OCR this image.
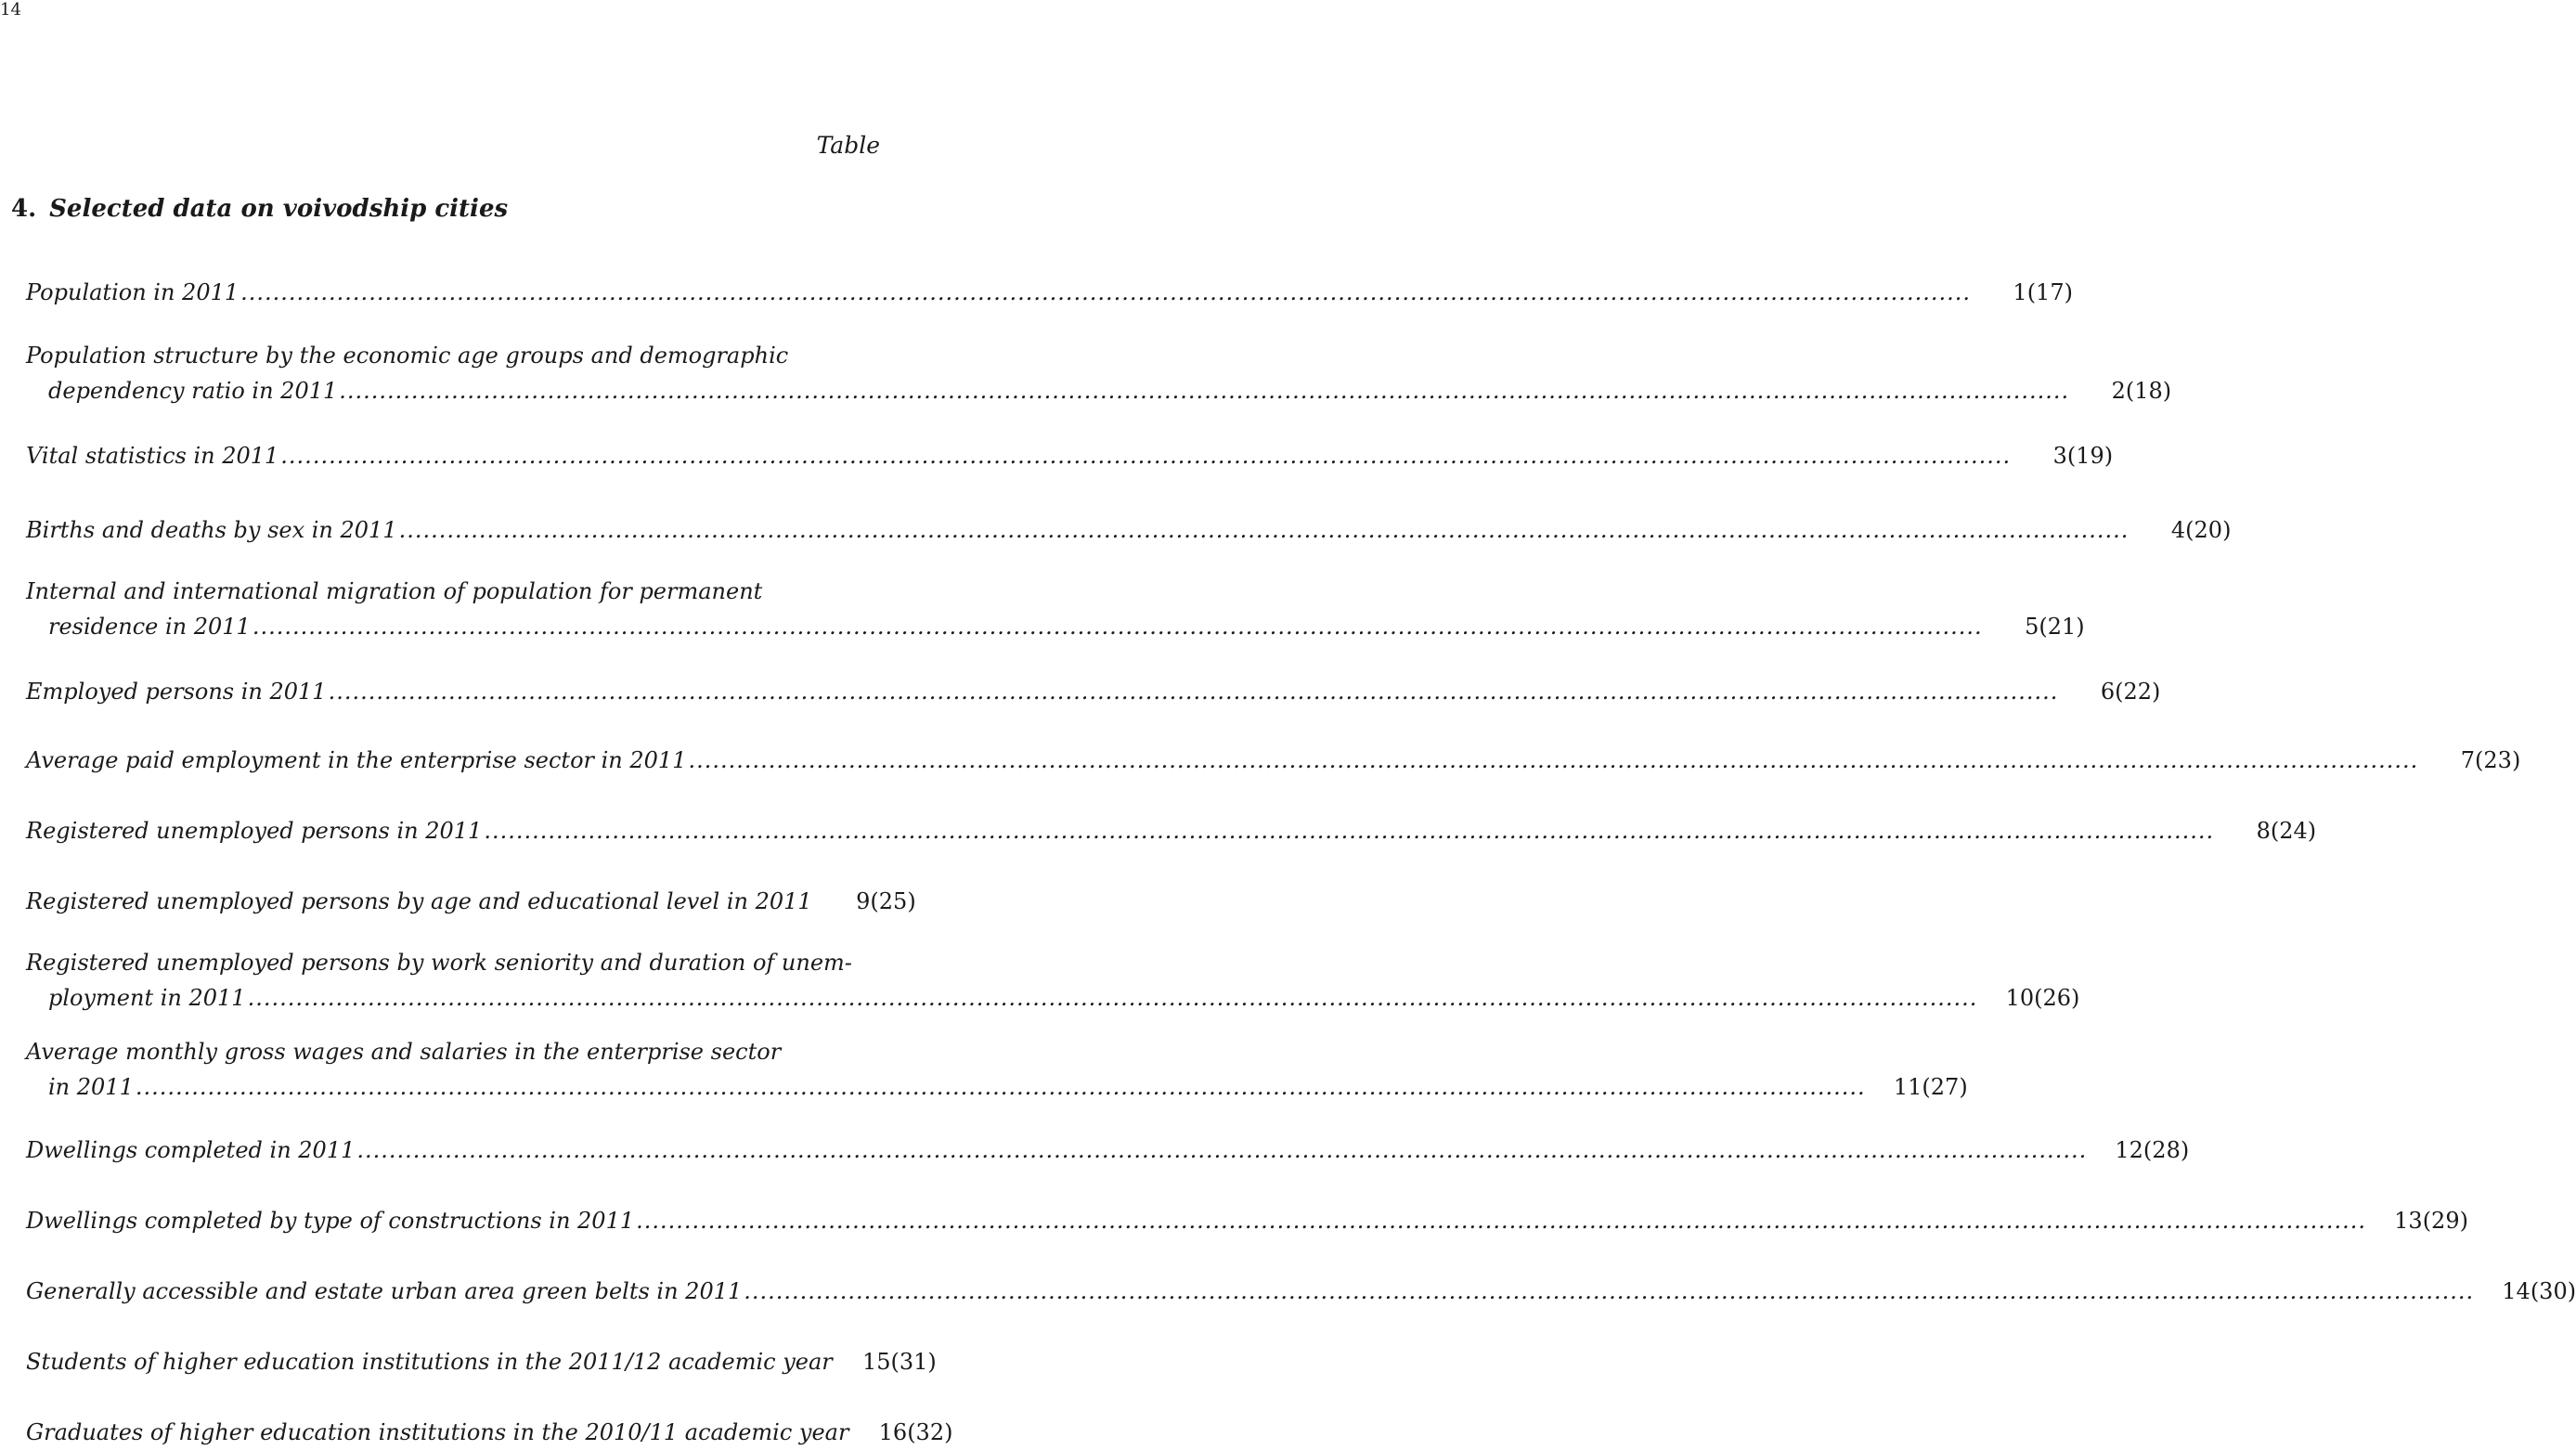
14
Table
4. Selected data on voivodship cities
Population in 2011 .....	1(17)
Population structure by the economic age groups and demographic
dependency ratio in 2011 .....	2(18)
Vital statistics in 2011 .....	3(19)
Births and deaths by sex in 2011 .....	4(20)
Internal and international migration of population for permanent
residence in 2011 .....	5(21)
Employed persons in 2011 .....	6(22)
Average paid employment in the enterprise sector in 2011 .....	7(23)
Registered unemployed persons in 2011 .....	8(24)
Registered unemployed persons by age and educational level in 2011	9(25)
Registered unemployed persons by work seniority and duration of unem-
ployment in 2011 .....	10(26)
Average monthly gross wages and salaries in the enterprise sector
in 2011 .....	11(27)
Dwellings completed in 2011 .....	12(28)
Dwellings completed by type of constructions in 2011 .....	13(29)
Generally accessible and estate urban area green belts in 2011 .....	14(30)
Students of higher education institutions in the 2011/12 academic year	15(31)
Graduates of higher education institutions in the 2010/11 academic year	16(32)
